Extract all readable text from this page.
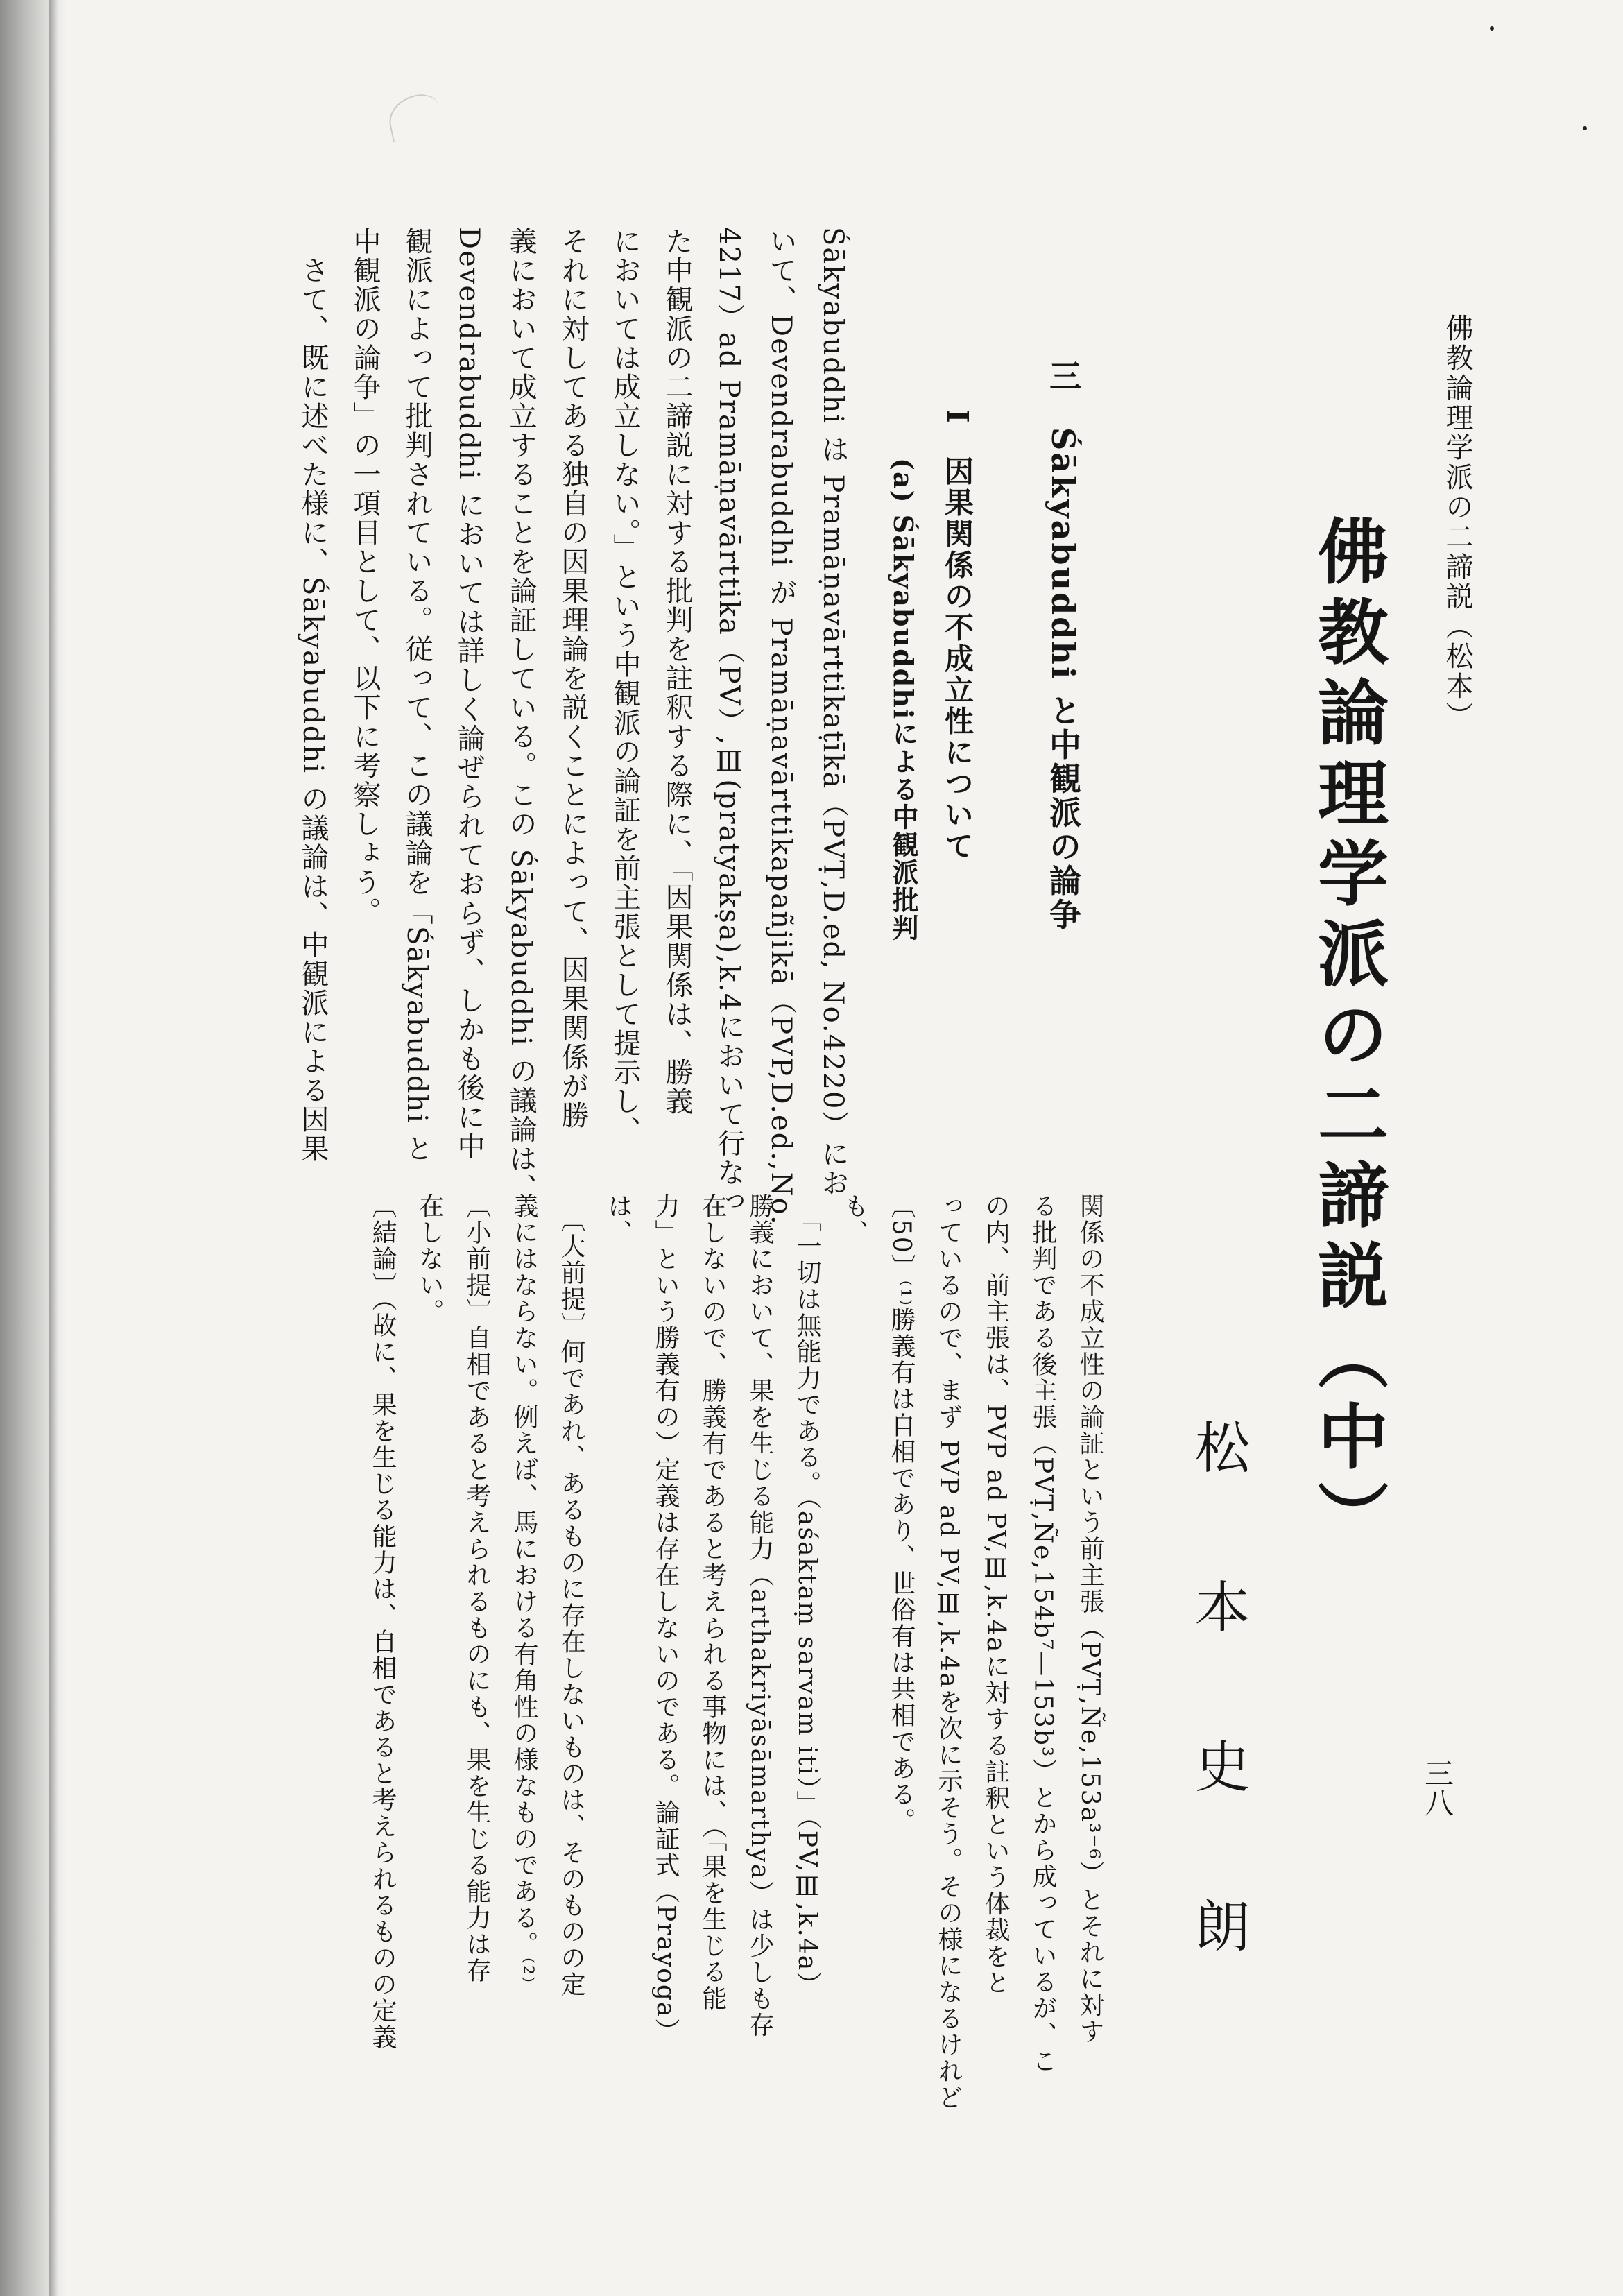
佛教論理学派の二諦説（松本）

三八

佛教論理学派の二諦説（中）

松本史朗

三　Śākyabuddhi と中観派の論争
I　因果関係の不成立性について
(a) Śākyabuddhiによる中観派批判

Śākyabuddhi は Pramāṇavārttikaṭīkā（PVṬ,D.ed, No.4220）にお

いて、Devendrabuddhi が Pramāṇavārttikapañjikā（PVP,D.ed.,No.

4217）ad Pramāṇavārttika（PV）,Ⅲ(pratyakṣa),k.4において行なっ

た中観派の二諦説に対する批判を註釈する際に、「因果関係は、勝義

においては成立しない。」という中観派の論証を前主張として提示し、

それに対してある独自の因果理論を説くことによって、因果関係が勝

義において成立することを論証している。この Śākyabuddhi の議論は、

Devendrabuddhi においては詳しく論ぜられておらず、しかも後に中

観派によって批判されている。従って、この議論を「Śākyabuddhi と

中観派の論争」の一項目として、以下に考察しょう。

　さて、既に述べた様に、Śākyabuddhi の議論は、中観派による因果

関係の不成立性の論証という前主張（PVṬ,Ñe,153a³⁻⁶）とそれに対す

る批判である後主張（PVṬ,Ñe,154b⁷—153b³）とから成っているが、こ

の内、前主張は、PVP ad PV,Ⅲ,k.4aに対する註釈という体裁をと

っているので、まず PVP ad PV,Ⅲ,k.4aを次に示そう。その様になるけれど

〔50〕⁽¹⁾勝義有は自相であり、世俗有は共相である。

も、

　「一切は無能力である。（aśaktaṃ sarvam iti）」（PV,Ⅲ,k.4a）

勝義において、果を生じる能力（arthakriyāsāmarthya）は少しも存

在しないので、勝義有であると考えられる事物には、（「果を生じる能

力」という勝義有の）定義は存在しないのである。論証式（Prayoga）

は、

　〔大前提〕何であれ、あるものに存在しないものは、そのものの定

義にはならない。例えば、馬における有角性の様なものである。⁽²⁾

〔小前提〕自相であると考えられるものにも、果を生じる能力は存

在しない。

〔結論〕（故に、果を生じる能力は、自相であると考えられるものの定義
